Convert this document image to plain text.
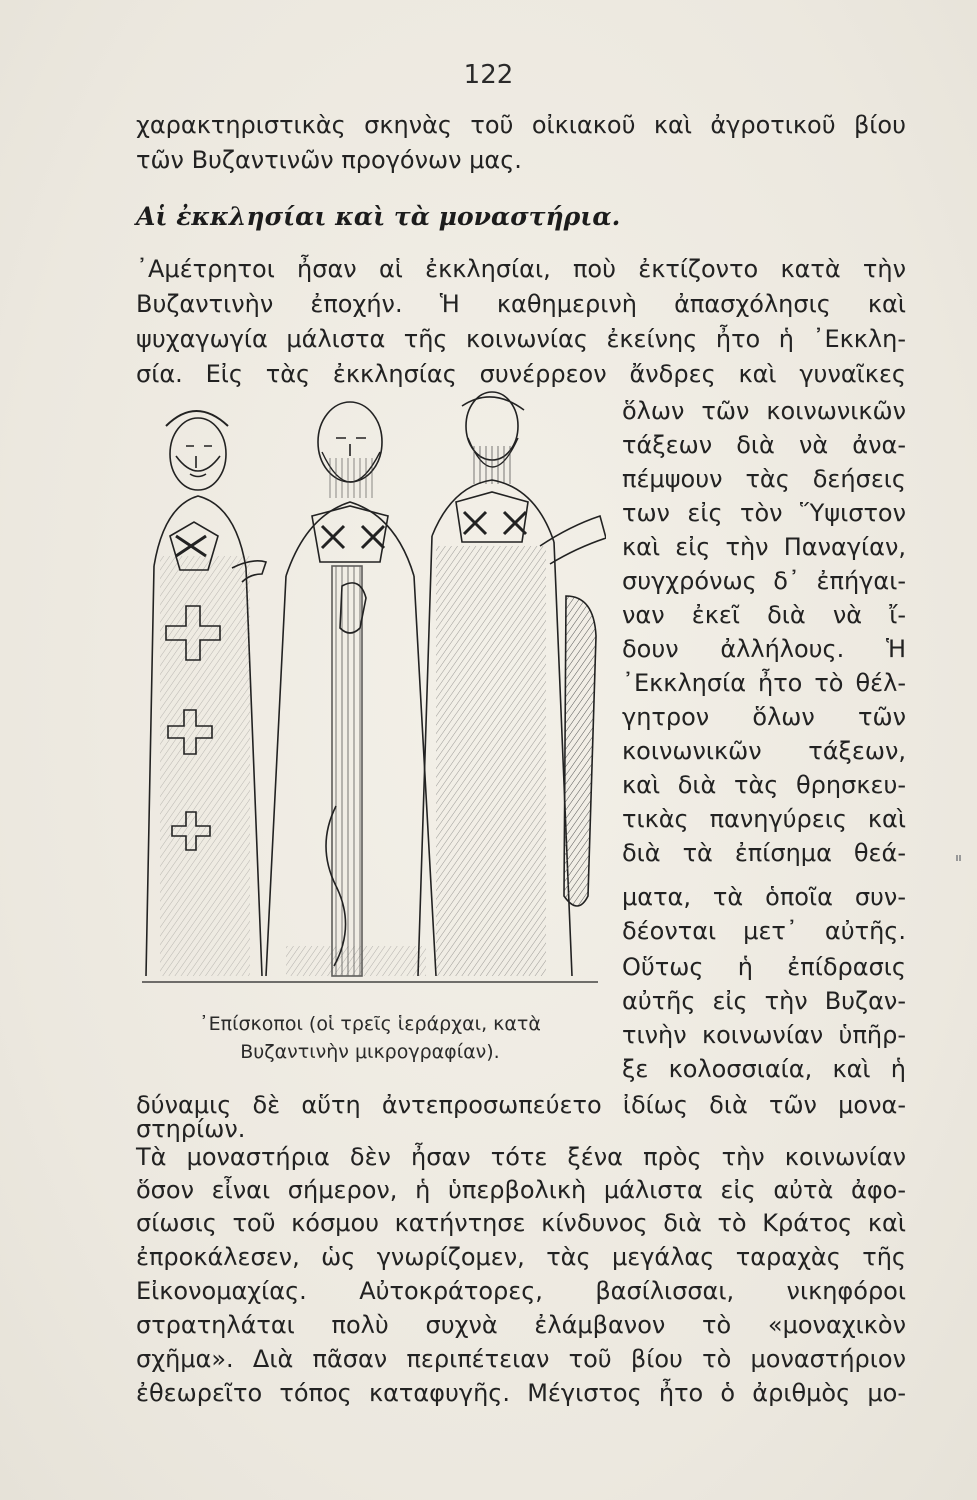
122
χαρακτηριστικὰς σκηνὰς τοῦ οἰκιακοῦ καὶ ἀγροτικοῦ βίου
τῶν Βυζαντινῶν προγόνων μας.
Αἱ ἐκκλησίαι καὶ τὰ μοναστήρια.
᾿Αμέτρητοι ἦσαν αἱ ἐκκλησίαι, ποὺ ἐκτίζοντο κατὰ τὴν
Βυζαντινὴν ἐποχήν. Ἡ καθημερινὴ ἀπασχόλησις καὶ
ψυχαγωγία μάλιστα τῆς κοινωνίας ἐκείνης ἦτο ἡ ᾿Εκκλη-
σία. Εἰς τὰς ἐκκλησίας συνέρρεον ἄνδρες καὶ γυναῖκες
ὅλων τῶν κοινωνικῶν
τάξεων διὰ νὰ ἀνα-
πέμψουν τὰς δεήσεις
των εἰς τὸν Ὕψιστον
καὶ εἰς τὴν Παναγίαν,
συγχρόνως δ᾿ ἐπήγαι-
ναν ἐκεῖ διὰ νὰ ἴ-
δουν ἀλλήλους. Ἡ
᾿Εκκλησία ἦτο τὸ θέλ-
γητρον ὅλων τῶν
κοινωνικῶν τάξεων,
καὶ διὰ τὰς θρησκευ-
τικὰς πανηγύρεις καὶ
διὰ τὰ ἐπίσημα θεά-
ματα, τὰ ὁποῖα συν-
δέονται μετ᾿ αὐτῆς.
Οὕτως ἡ ἐπίδρασις
αὐτῆς εἰς τὴν Βυζαν-
τινὴν κοινωνίαν ὑπῆρ-
ξε κολοσσιαία, καὶ ἡ
᾿Επίσκοποι (οἱ τρεῖς ἱεράρχαι, κατὰ
Βυζαντινὴν μικρογραφίαν).
δύναμις δὲ αὕτη ἀντεπροσωπεύετο ἰδίως διὰ τῶν μονα-
στηρίων.
Τὰ μοναστήρια δὲν ἦσαν τότε ξένα πρὸς τὴν κοινωνίαν
ὅσον εἶναι σήμερον, ἡ ὑπερβολικὴ μάλιστα εἰς αὐτὰ ἀφο-
σίωσις τοῦ κόσμου κατήντησε κίνδυνος διὰ τὸ Κράτος καὶ
ἐπροκάλεσεν, ὡς γνωρίζομεν, τὰς μεγάλας ταραχὰς τῆς
Εἰκονομαχίας. Αὐτοκράτορες, βασίλισσαι, νικηφόροι
στρατηλάται πολὺ συχνὰ ἐλάμβανον τὸ «μοναχικὸν
σχῆμα». Διὰ πᾶσαν περιπέτειαν τοῦ βίου τὸ μοναστήριον
ἐθεωρεῖτο τόπος καταφυγῆς. Μέγιστος ἦτο ὁ ἀριθμὸς μο-
